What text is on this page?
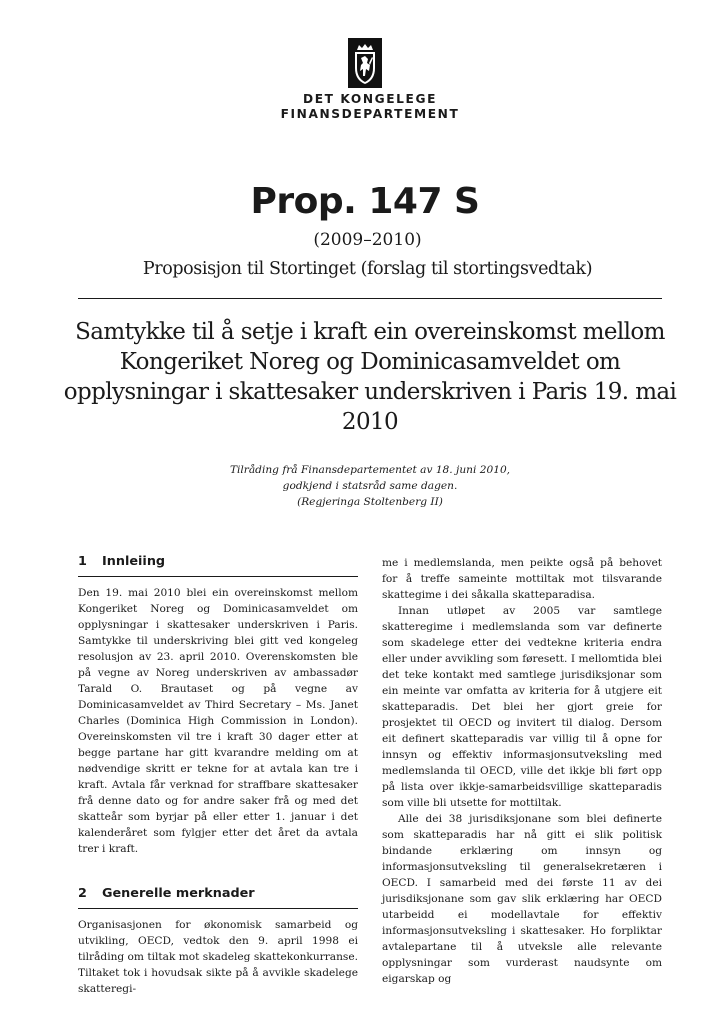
DET KONGELEGE
FINANSDEPARTEMENT
Prop. 147 S
(2009–2010)
Proposisjon til Stortinget (forslag til stortingsvedtak)
Samtykke til å setje i kraft ein overeinskomst mellom Kongeriket Noreg og Dominicasamveldet om opplysningar i skattesaker underskriven i Paris 19. mai 2010
Tilråding frå Finansdepartementet av 18. juni 2010,
godkjend i statsråd same dagen.
(Regjeringa Stoltenberg II)
1	Innleiing

Den 19. mai 2010 blei ein overeinskomst mellom Kongeriket Noreg og Dominicasamveldet om opplysningar i skattesaker underskriven i Paris. Samtykke til underskriving blei gitt ved kongeleg resolusjon av 23. april 2010. Overenskomsten ble på vegne av Noreg underskriven av ambassadør Tarald O. Brautaset og på vegne av Dominicasamveldet av Third Secretary – Ms. Janet Charles (Dominica High Commission in London). Overeinskomsten vil tre i kraft 30 dager etter at begge partane har gitt kvarandre melding om at nødvendige skritt er tekne for at avtala kan tre i kraft. Avtala får verknad for straffbare skattesaker frå denne dato og for andre saker frå og med det skatteår som byrjar på eller etter 1. januar i det kalenderåret som fylgjer etter det året da avtala trer i kraft.

2	Generelle merknader

Organisasjonen for økonomisk samarbeid og utvikling, OECD, vedtok den 9. april 1998 ei tilråding om tiltak mot skadeleg skattekonkurranse. Tiltaket tok i hovudsak sikte på å avvikle skadelege skatteregi-

me i medlemslanda, men peikte også på behovet for å treffe sameinte mottiltak mot tilsvarande skattegime i dei såkalla skatteparadisa.

Innan utløpet av 2005 var samtlege skatteregime i medlemslanda som var definerte som skadelege etter dei vedtekne kriteria endra eller under avvikling som føresett. I mellomtida blei det teke kontakt med samtlege jurisdiksjonar som ein meinte var omfatta av kriteria for å utgjere eit skatteparadis. Det blei her gjort greie for prosjektet til OECD og invitert til dialog. Dersom eit definert skatteparadis var villig til å opne for innsyn og effektiv informasjonsutveksling med medlemslanda til OECD, ville det ikkje bli ført opp på lista over ikkje-samarbeidsvillige skatteparadis som ville bli utsette for mottiltak.

Alle dei 38 jurisdiksjonane som blei definerte som skatteparadis har nå gitt ei slik politisk bindande erklæring om innsyn og informasjonsutveksling til generalsekretæren i OECD. I samarbeid med dei første 11 av dei jurisdiksjonane som gav slik erklæring har OECD utarbeidd ei modellavtale for effektiv informasjonsutveksling i skattesaker. Ho forpliktar avtalepartane til å utveksle alle relevante opplysningar som vurderast naudsynte om eigarskap og
